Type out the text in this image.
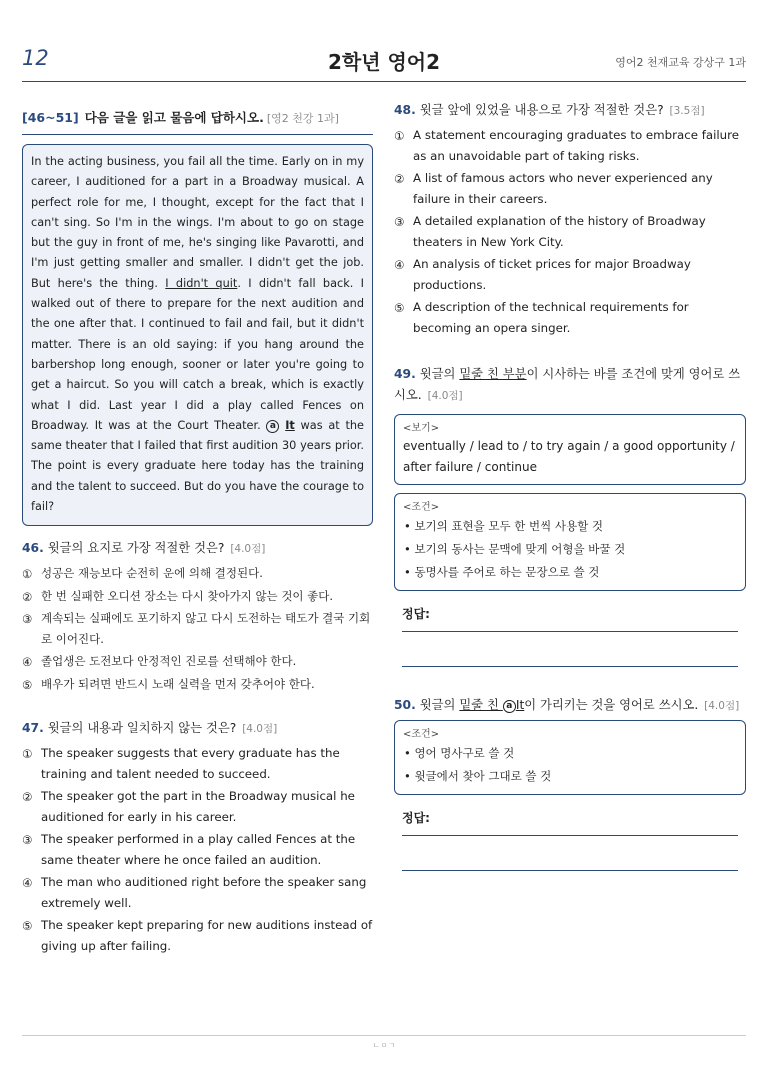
12	2학년 영어2	영어2 천재교육 강상구 1과
[46~51] 다음 글을 읽고 물음에 답하시오. [영2 천강 1과]
In the acting business, you fail all the time. Early on in my career, I auditioned for a part in a Broadway musical. A perfect role for me, I thought, except for the fact that I can't sing. So I'm in the wings. I'm about to go on stage but the guy in front of me, he's singing like Pavarotti, and I'm just getting smaller and smaller. I didn't get the job. But here's the thing. I didn't quit. I didn't fall back. I walked out of there to prepare for the next audition and the one after that. I continued to fail and fail, but it didn't matter. There is an old saying: if you hang around the barbershop long enough, sooner or later you're going to get a haircut. So you will catch a break, which is exactly what I did. Last year I did a play called Fences on Broadway. It was at the Court Theater. a It was at the same theater that I failed that first audition 30 years prior. The point is every graduate here today has the training and the talent to succeed. But do you have the courage to fail?
46. 윗글의 요지로 가장 적절한 것은? [4.0점]
① 성공은 재능보다 순전히 운에 의해 결정된다.
② 한 번 실패한 오디션 장소는 다시 찾아가지 않는 것이 좋다.
③ 계속되는 실패에도 포기하지 않고 다시 도전하는 태도가 결국 기회로 이어진다.
④ 졸업생은 도전보다 안정적인 진로를 선택해야 한다.
⑤ 배우가 되려면 반드시 노래 실력을 먼저 갖추어야 한다.
47. 윗글의 내용과 일치하지 않는 것은? [4.0점]
① The speaker suggests that every graduate has the training and talent needed to succeed.
② The speaker got the part in the Broadway musical he auditioned for early in his career.
③ The speaker performed in a play called Fences at the same theater where he once failed an audition.
④ The man who auditioned right before the speaker sang extremely well.
⑤ The speaker kept preparing for new auditions instead of giving up after failing.
48. 윗글 앞에 있었을 내용으로 가장 적절한 것은? [3.5점]
① A statement encouraging graduates to embrace failure as an unavoidable part of taking risks.
② A list of famous actors who never experienced any failure in their careers.
③ A detailed explanation of the history of Broadway theaters in New York City.
④ An analysis of ticket prices for major Broadway productions.
⑤ A description of the technical requirements for becoming an opera singer.
49. 윗글의 밑줄 친 부분이 시사하는 바를 조건에 맞게 영어로 쓰시오. [4.0점]
<보기>
eventually / lead to / to try again / a good opportunity / after failure / continue
<조건>
• 보기의 표현을 모두 한 번씩 사용할 것
• 보기의 동사는 문맥에 맞게 어형을 바꿀 것
• 동명사를 주어로 하는 문장으로 쓸 것
정답:
50. 윗글의 밑줄 친 a It이 가리키는 것을 영어로 쓰시오. [4.0점]
<조건>
• 영어 명사구로 쓸 것
• 윗글에서 찾아 그대로 쓸 것
정답:
ㄴㅇㄱ
